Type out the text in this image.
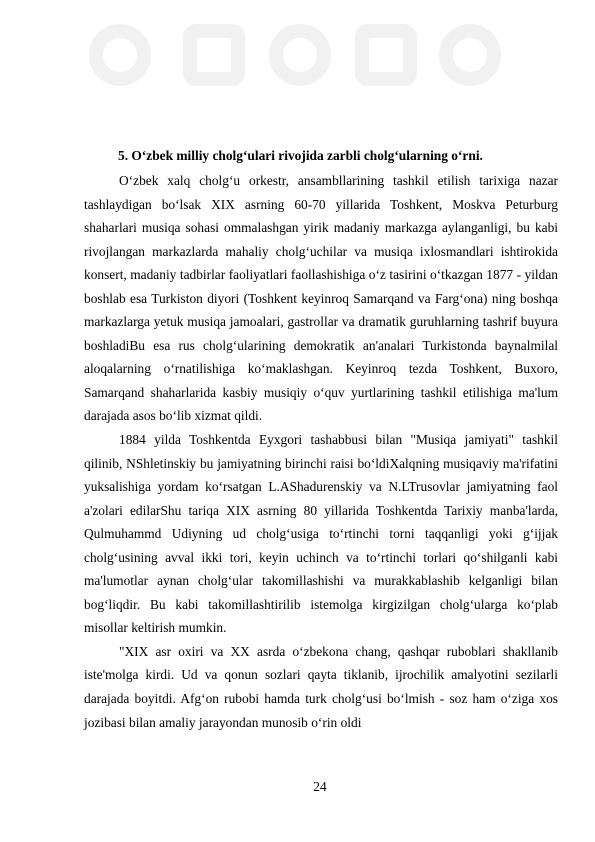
5. O‘zbek milliy cholg‘ulari rivojida zarbli cholg‘ularning o‘rni.

O‘zbek xalq cholg‘u orkestr, ansambllarining tashkil etilish tarixiga nazar tashlaydigan bo‘lsak XIX asrning 60-70 yillarida Toshkent, Moskva Peturburg shaharlari musiqa sohasi ommalashgan yirik madaniy markazga aylanganligi, bu kabi rivojlangan markazlarda mahaliy cholg‘uchilar va musiqa ixlosmandlari ishtirokida konsert, madaniy tadbirlar faoliyatlari faollashishiga o‘z tasirini o‘tkazgan 1877 - yildan boshlab esa Turkiston diyori (Toshkent keyinroq Samarqand va Farg‘ona) ning boshqa markazlarga yetuk musiqa jamoalari, gastrollar va dramatik guruhlarning tashrif buyura boshladiBu esa rus cholg‘ularining demokratik an'analari Turkistonda baynalmilal aloqalarning o‘rnatilishiga ko‘maklashgan. Keyinroq tezda Toshkent, Buxoro, Samarqand shaharlarida kasbiy musiqiy o‘quv yurtlarining tashkil etilishiga ma'lum darajada asos bo‘lib xizmat qildi.

1884 yilda Toshkentda Eyxgori tashabbusi bilan "Musiqa jamiyati" tashkil qilinib, NShletinskiy bu jamiyatning birinchi raisi bo‘ldiXalqning musiqaviy ma'rifatini yuksalishiga yordam ko‘rsatgan L.AShadurenskiy va N.LTrusovlar jamiyatning faol a'zolari edilarShu tariqa XIX asrning 80 yillarida Toshkentda Tarixiy manba'larda, Qulmuhammd Udiyning ud cholg‘usiga to‘rtinchi torni taqqanligi yoki g‘ijjak cholg‘usining avval ikki tori, keyin uchinch va to‘rtinchi torlari qo‘shilganli kabi ma'lumotlar aynan cholg‘ular takomillashishi va murakkablashib kelganligi bilan bog‘liqdir. Bu kabi takomillashtirilib istemolga kirgizilgan cholg‘ularga ko‘plab misollar keltirish mumkin.

"XIX asr oxiri va XX asrda o‘zbekona chang, qashqar ruboblari shakllanib iste'molga kirdi. Ud va qonun sozlari qayta tiklanib, ijrochilik amalyotini sezilarli darajada boyitdi. Afg‘on rubobi hamda turk cholg‘usi bo‘lmish - soz ham o‘ziga xos jozibasi bilan amaliy jarayondan munosib o‘rin oldi

24
